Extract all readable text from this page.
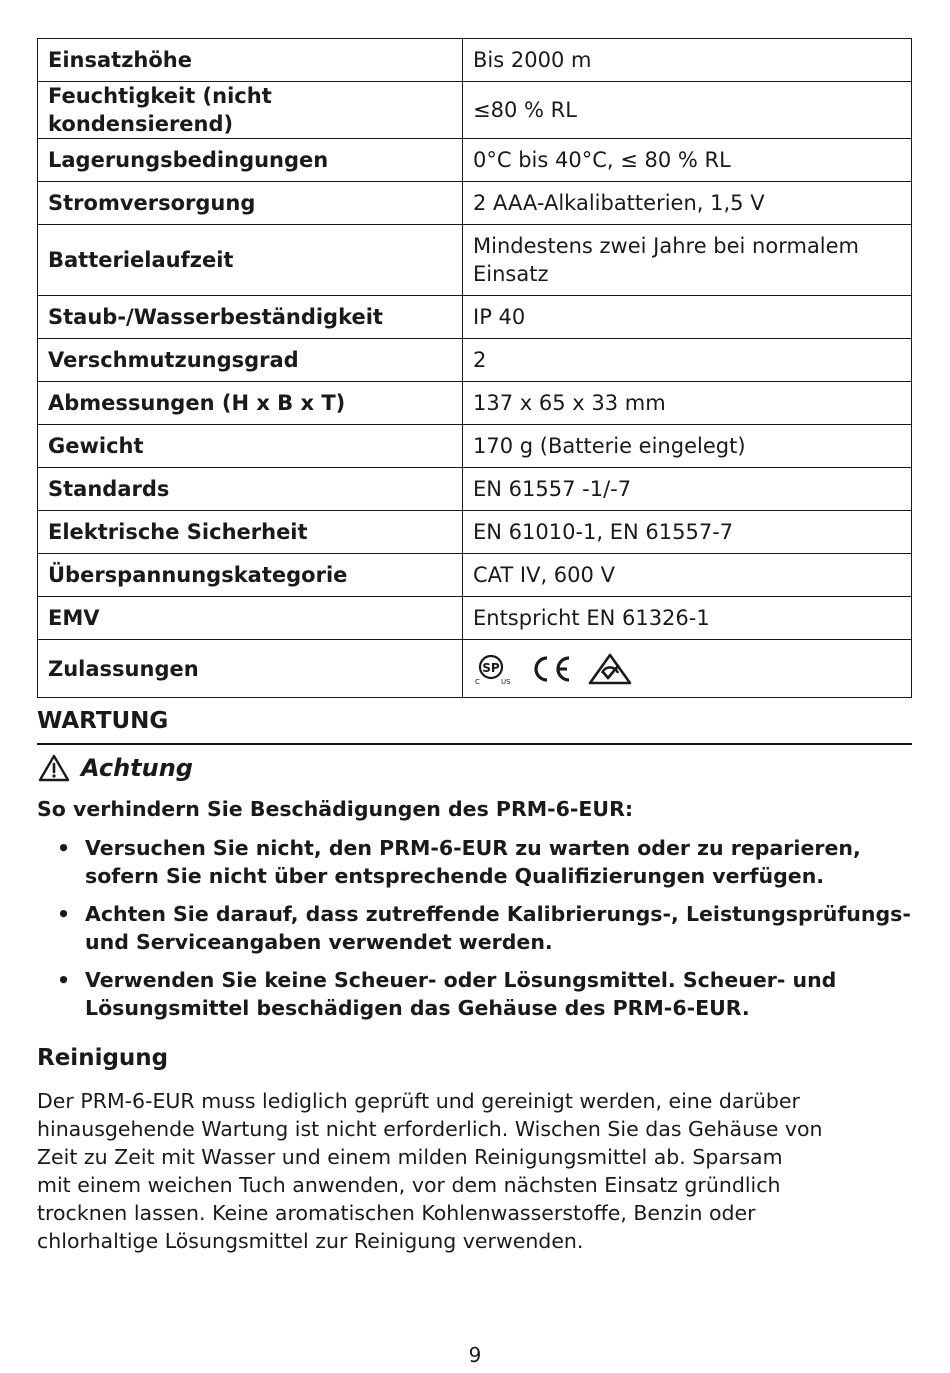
Einsatzhöhe	Bis 2000 m
Feuchtigkeit (nicht kondensierend)	≤80 % RL
Lagerungsbedingungen	0°C bis 40°C, ≤ 80 % RL
Stromversorgung	2 AAA-Alkalibatterien, 1,5 V
Batterielaufzeit	Mindestens zwei Jahre bei normalem
Einsatz
Staub-/Wasserbeständigkeit	IP 40
Verschmutzungsgrad	2
Abmessungen (H x B x T)	137 x 65 x 33 mm
Gewicht	170 g (Batterie eingelegt)
Standards	EN 61557 -1/-7
Elektrische Sicherheit	EN 61010-1, EN 61557-7
Überspannungskategorie	CAT IV, 600 V
EMV	Entspricht EN 61326-1
Zulassungen	SP
C US
WARTUNG
Achtung
So verhindern Sie Beschädigungen des PRM-6-EUR:
• Versuchen Sie nicht, den PRM-6-EUR zu warten oder zu reparieren, sofern Sie nicht über entsprechende Qualifizierungen verfügen.
• Achten Sie darauf, dass zutreffende Kalibrierungs-, Leistungsprüfungs- und Serviceangaben verwendet werden.
• Verwenden Sie keine Scheuer- oder Lösungsmittel. Scheuer- und Lösungsmittel beschädigen das Gehäuse des PRM-6-EUR.
Reinigung

Der PRM-6-EUR muss lediglich geprüft und gereinigt werden, eine darüber
hinausgehende Wartung ist nicht erforderlich. Wischen Sie das Gehäuse von
Zeit zu Zeit mit Wasser und einem milden Reinigungsmittel ab. Sparsam
mit einem weichen Tuch anwenden, vor dem nächsten Einsatz gründlich
trocknen lassen. Keine aromatischen Kohlenwasserstoffe, Benzin oder
chlorhaltige Lösungsmittel zur Reinigung verwenden.

9
